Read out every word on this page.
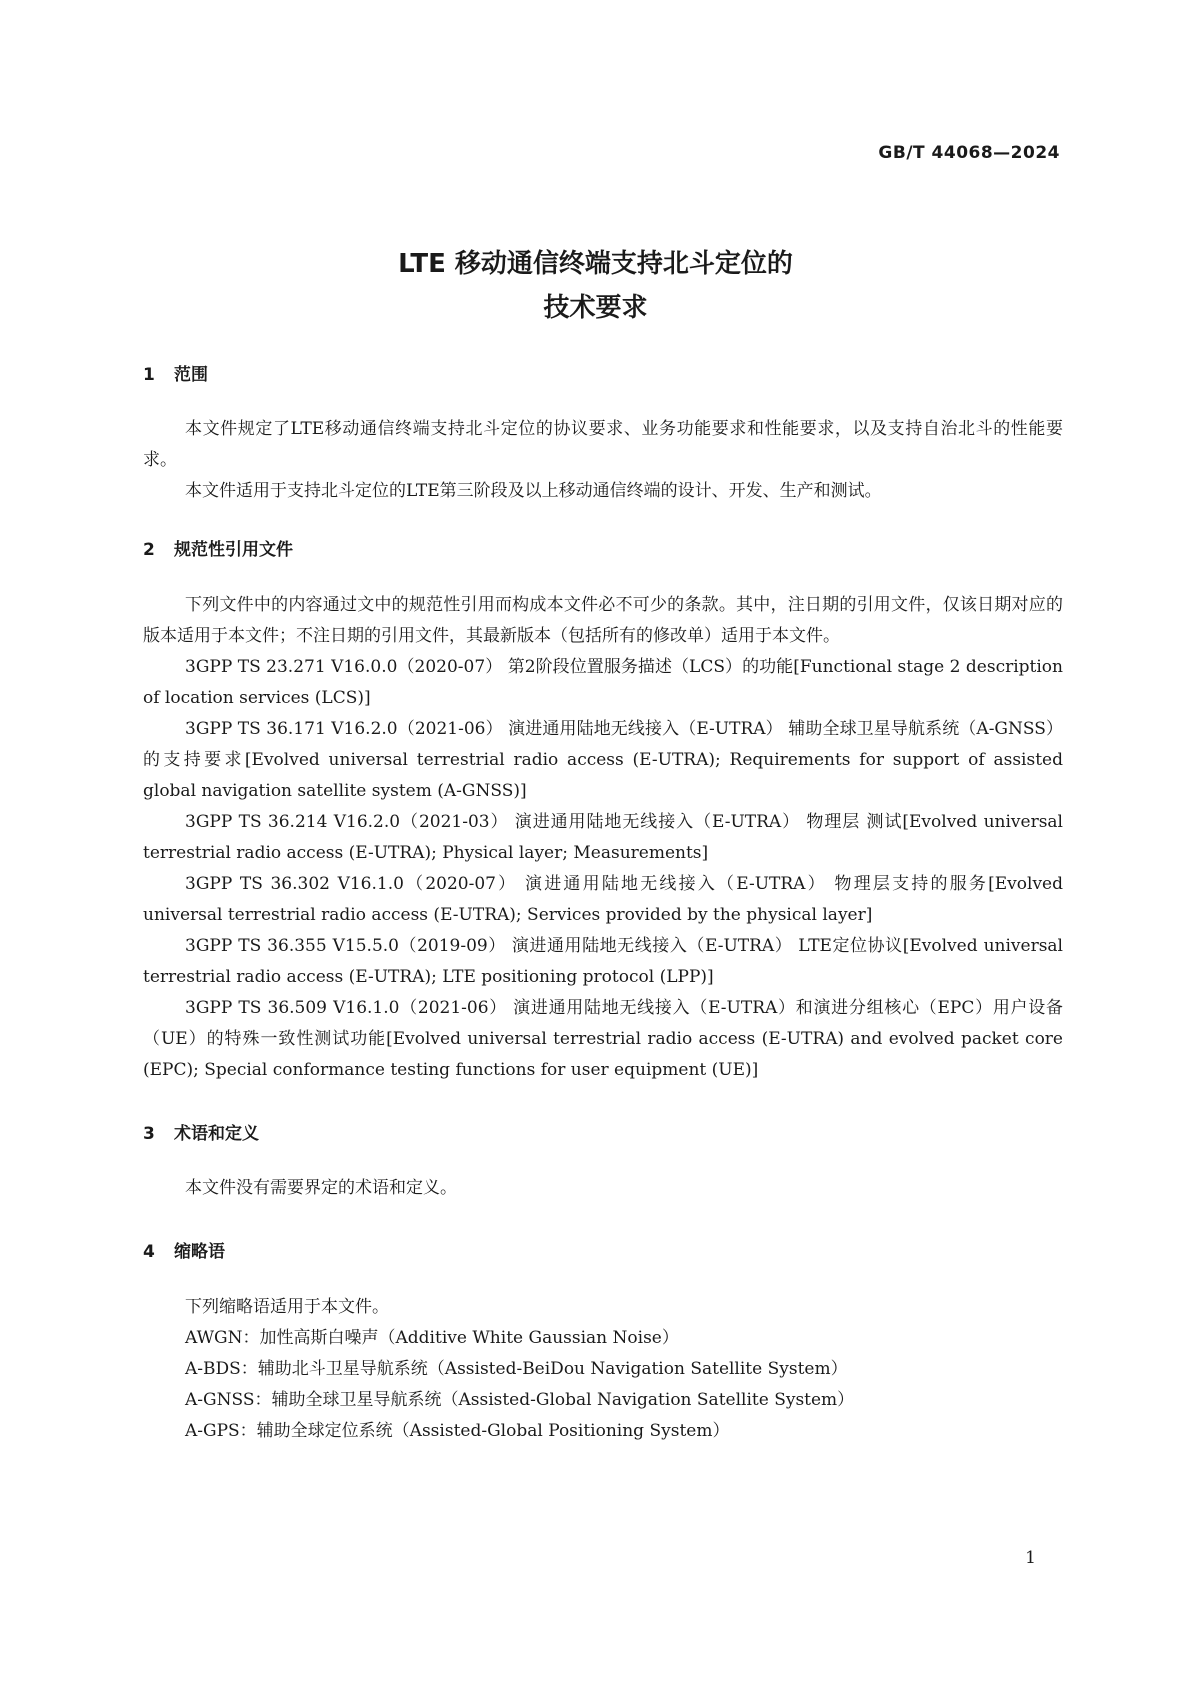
GB/T 44068—2024
LTE 移动通信终端支持北斗定位的
技术要求
1 范围

本文件规定了LTE移动通信终端支持北斗定位的协议要求、业务功能要求和性能要求，以及支持自治北斗的性能要求。

本文件适用于支持北斗定位的LTE第三阶段及以上移动通信终端的设计、开发、生产和测试。

2 规范性引用文件

下列文件中的内容通过文中的规范性引用而构成本文件必不可少的条款。其中，注日期的引用文件，仅该日期对应的版本适用于本文件；不注日期的引用文件，其最新版本（包括所有的修改单）适用于本文件。

3GPP TS 23.271 V16.0.0（2020-07） 第2阶段位置服务描述（LCS）的功能[Functional stage 2 description of location services (LCS)]

3GPP TS 36.171 V16.2.0（2021-06） 演进通用陆地无线接入（E-UTRA） 辅助全球卫星导航系统（A-GNSS）的支持要求[Evolved universal terrestrial radio access (E-UTRA); Requirements for support of assisted global navigation satellite system (A-GNSS)]

3GPP TS 36.214 V16.2.0（2021-03） 演进通用陆地无线接入（E-UTRA） 物理层 测试[Evolved universal terrestrial radio access (E-UTRA); Physical layer; Measurements]

3GPP TS 36.302 V16.1.0（2020-07） 演进通用陆地无线接入（E-UTRA） 物理层支持的服务[Evolved universal terrestrial radio access (E-UTRA); Services provided by the physical layer]

3GPP TS 36.355 V15.5.0（2019-09） 演进通用陆地无线接入（E-UTRA） LTE定位协议[Evolved universal terrestrial radio access (E-UTRA); LTE positioning protocol (LPP)]

3GPP TS 36.509 V16.1.0（2021-06） 演进通用陆地无线接入（E-UTRA）和演进分组核心（EPC）用户设备（UE）的特殊一致性测试功能[Evolved universal terrestrial radio access (E-UTRA) and evolved packet core (EPC); Special conformance testing functions for user equipment (UE)]

3 术语和定义

本文件没有需要界定的术语和定义。

4 缩略语
下列缩略语适用于本文件。
AWGN：加性高斯白噪声（Additive White Gaussian Noise）
A-BDS：辅助北斗卫星导航系统（Assisted-BeiDou Navigation Satellite System）
A-GNSS：辅助全球卫星导航系统（Assisted-Global Navigation Satellite System）
A-GPS：辅助全球定位系统（Assisted-Global Positioning System）
1
